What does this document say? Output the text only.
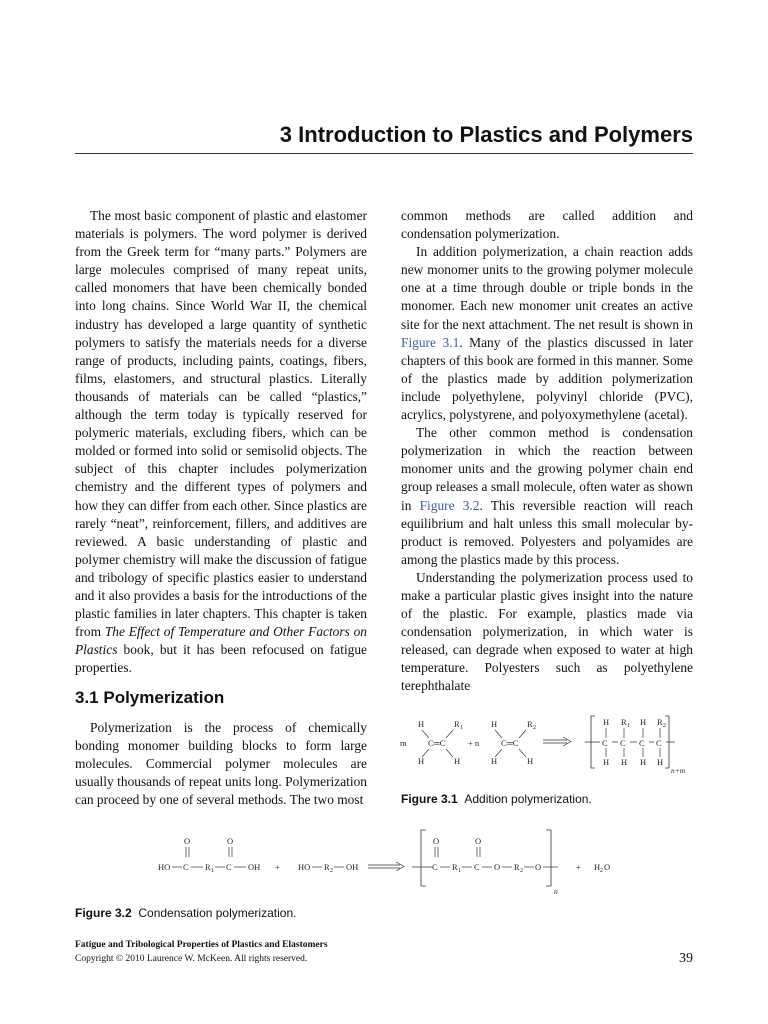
3 Introduction to Plastics and Polymers

The most basic component of plastic and elastomer materials is polymers. The word polymer is derived from the Greek term for “many parts.” Polymers are large molecules comprised of many repeat units, called monomers that have been chemically bonded into long chains. Since World War II, the chemical industry has developed a large quantity of synthetic polymers to satisfy the materials needs for a diverse range of products, including paints, coatings, fibers, films, elastomers, and structural plastics. Literally thousands of materials can be called “plastics,” although the term today is typically reserved for polymeric materials, excluding fibers, which can be molded or formed into solid or semisolid objects. The subject of this chapter includes polymerization chemistry and the different types of polymers and how they can differ from each other. Since plastics are rarely “neat”, reinforcement, fillers, and additives are reviewed. A basic understanding of plastic and polymer chemistry will make the discussion of fatigue and tribology of specific plastics easier to understand and it also provides a basis for the introductions of the plastic families in later chapters. This chapter is taken from The Effect of Temperature and Other Factors on Plastics book, but it has been refocused on fatigue properties.

common methods are called addition and condensation polymerization.

In addition polymerization, a chain reaction adds new monomer units to the growing polymer molecule one at a time through double or triple bonds in the monomer. Each new monomer unit creates an active site for the next attachment. The net result is shown in Figure 3.1. Many of the plastics discussed in later chapters of this book are formed in this manner. Some of the plastics made by addition polymerization include polyethylene, polyvinyl chloride (PVC), acrylics, polystyrene, and polyoxymethylene (acetal).

The other common method is condensation polymerization in which the reaction between monomer units and the growing polymer chain end group releases a small molecule, often water as shown in Figure 3.2. This reversible reaction will reach equilibrium and halt unless this small molecular by-product is removed. Polyesters and polyamides are among the plastics made by this process.

Understanding the polymerization process used to make a particular plastic gives insight into the nature of the plastic. For example, plastics made via condensation polymerization, in which water is released, can degrade when exposed to water at high temperature. Polyesters such as polyethylene terephthalate

3.1 Polymerization

Polymerization is the process of chemically bonding monomer building blocks to form large molecules. Commercial polymer molecules are usually thousands of repeat units long. Polymerization can proceed by one of several methods. The two most

m
H	R 1
C═C
H	H
+ n
H	R 2
C═C
H	H
H R 1 H R 2
C C C C
H H H H
n+m
Figure 3.1 Addition polymerization.
O	O
HO C R 1 C OH + HO R 2 OH
O
C R 1
O
C O R 2 O
n
+ H 2 O
Figure 3.2 Condensation polymerization.
Fatigue and Tribological Properties of Plastics and Elastomers
Copyright © 2010 Laurence W. McKeen. All rights reserved.	39
